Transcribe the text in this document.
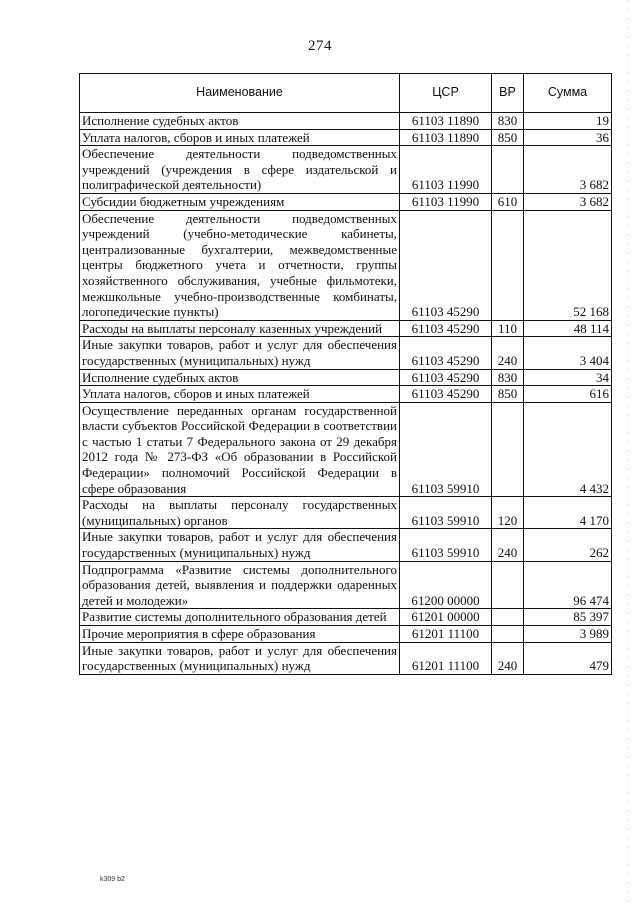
274
Наименование	ЦСР	ВР	Сумма
Исполнение судебных актов	61103 11890	830	19
Уплата налогов, сборов и иных платежей	61103 11890	850	36
Обеспечение деятельности подведомственных учреждений (учреждения в сфере издательской и полиграфической деятельности)	61103 11990		3 682
Субсидии бюджетным учреждениям	61103 11990	610	3 682
Обеспечение деятельности подведомственных учреждений (учебно-методические кабинеты, централизованные бухгалтерии, межведомственные центры бюджетного учета и отчетности, группы хозяйственного обслуживания, учебные фильмотеки, межшкольные учебно-производственные комбинаты, логопедические пункты)	61103 45290		52 168
Расходы на выплаты персоналу казенных учреждений	61103 45290	110	48 114
Иные закупки товаров, работ и услуг для обеспечения государственных (муниципальных) нужд	61103 45290	240	3 404
Исполнение судебных актов	61103 45290	830	34
Уплата налогов, сборов и иных платежей	61103 45290	850	616
Осуществление переданных органам государственной власти субъектов Российской Федерации в соответствии с частью 1 статьи 7 Федерального закона от 29 декабря 2012 года № 273-ФЗ «Об образовании в Российской Федерации» полномочий Российской Федерации в сфере образования	61103 59910		4 432
Расходы на выплаты персоналу государственных (муниципальных) органов	61103 59910	120	4 170
Иные закупки товаров, работ и услуг для обеспечения государственных (муниципальных) нужд	61103 59910	240	262
Подпрограмма «Развитие системы дополнительного образования детей, выявления и поддержки одаренных детей и молодежи»	61200 00000		96 474
Развитие системы дополнительного образования детей	61201 00000		85 397
Прочие мероприятия в сфере образования	61201 11100		3 989
Иные закупки товаров, работ и услуг для обеспечения государственных (муниципальных) нужд	61201 11100	240	479
k309 b2
